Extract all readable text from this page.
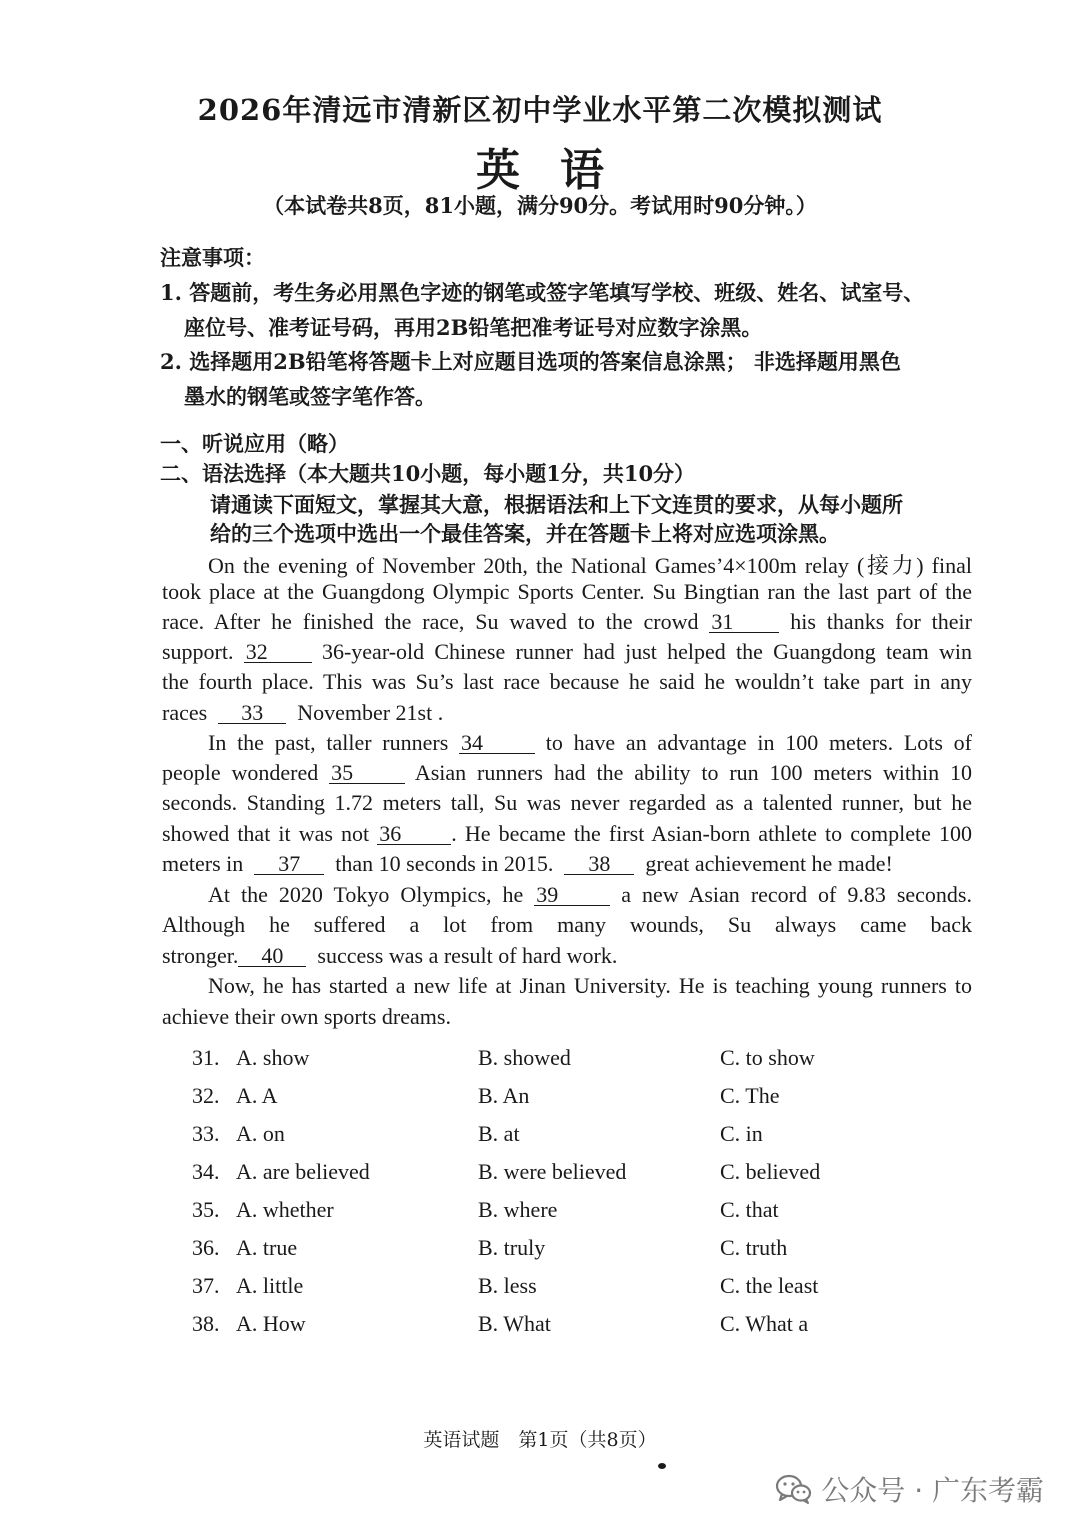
2026年清远市清新区初中学业水平第二次模拟测试
英语
（本试卷共8页，81小题，满分90分。考试用时90分钟。）
注意事项：
1. 答题前，考生务必用黑色字迹的钢笔或签字笔填写学校、班级、姓名、试室号、
座位号、准考证号码，再用2B铅笔把准考证号对应数字涂黑。
2. 选择题用2B铅笔将答题卡上对应题目选项的答案信息涂黑； 非选择题用黑色
墨水的钢笔或签字笔作答。
一、听说应用（略）
二、语法选择（本大题共10小题，每小题1分，共10分）
请通读下面短文，掌握其大意，根据语法和上下文连贯的要求，从每小题所
给的三个选项中选出一个最佳答案，并在答题卡上将对应选项涂黑。
On the evening of November 20th, the National Games’4×100m relay (接力) final
took place at the Guangdong Olympic Sports Center. Su Bingtian ran the last part of the
race. After he finished the race, Su waved to the crowd 31	his thanks for their
support. 32 36-year-old Chinese runner had just helped the Guangdong team win
the fourth place. This was Su’s last race because he said he wouldn’t take part in any
races 33 November 21st .
In the past, taller runners 34	to have an advantage in 100 meters. Lots of
people wondered 35	Asian runners had the ability to run 100 meters within 10
seconds. Standing 1.72 meters tall, Su was never regarded as a talented runner, but he
showed that it was not 36 . He became the first Asian-born athlete to complete 100
meters in 37 than 10 seconds in 2015. 38 great achievement he made!
At the 2020 Tokyo Olympics, he 39	a new Asian record of 9.83 seconds.
Although he suffered a lot from many wounds, Su always came back
stronger. 40 success was a result of hard work.
Now, he has started a new life at Jinan University. He is teaching young runners to
achieve their own sports dreams.
31. A. show	B. showed	C. to show
32. A. A	B. An	C. The
33. A. on	B. at	C. in
34. A. are believed	B. were believed	C. believed
35. A. whether	B. where	C. that
36. A. true	B. truly	C. truth
37. A. little	B. less	C. the least
38. A. How	B. What	C. What a
英语试题　第1页（共8页）
公众号 · 广东考霸
